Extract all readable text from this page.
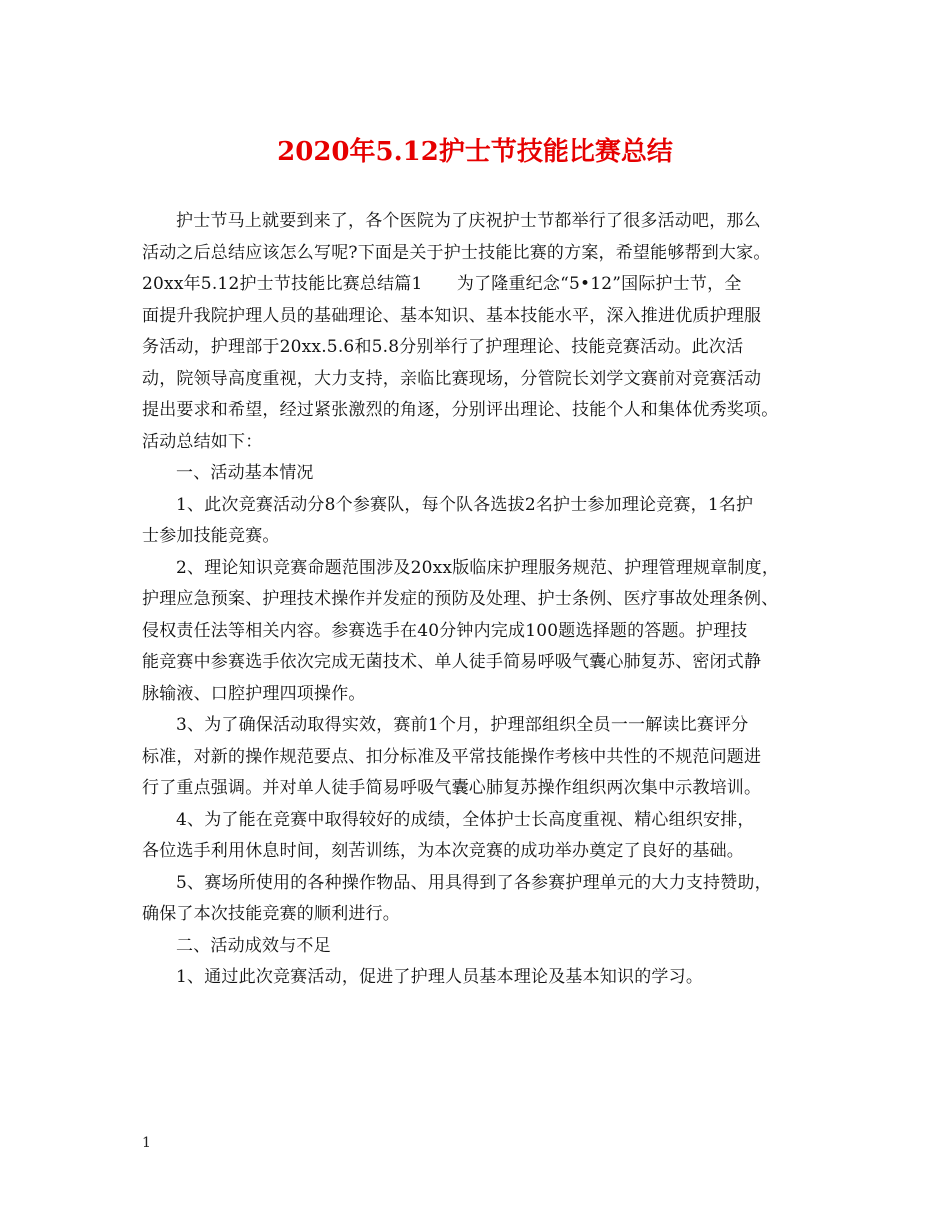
2020年5.12护士节技能比赛总结
护士节马上就要到来了，各个医院为了庆祝护士节都举行了很多活动吧，那么
活动之后总结应该怎么写呢?下面是关于护士技能比赛的方案，希望能够帮到大家。
20xx年5.12护士节技能比赛总结篇1　　为了隆重纪念“5•12”国际护士节，全
面提升我院护理人员的基础理论、基本知识、基本技能水平，深入推进优质护理服
务活动，护理部于20xx.5.6和5.8分别举行了护理理论、技能竞赛活动。此次活
动，院领导高度重视，大力支持，亲临比赛现场，分管院长刘学文赛前对竞赛活动
提出要求和希望，经过紧张激烈的角逐，分别评出理论、技能个人和集体优秀奖项。
活动总结如下：
一、活动基本情况
1、此次竞赛活动分8个参赛队，每个队各选拔2名护士参加理论竞赛，1名护
士参加技能竞赛。
2、理论知识竞赛命题范围涉及20xx版临床护理服务规范、护理管理规章制度，
护理应急预案、护理技术操作并发症的预防及处理、护士条例、医疗事故处理条例、
侵权责任法等相关内容。参赛选手在40分钟内完成100题选择题的答题。护理技
能竞赛中参赛选手依次完成无菌技术、单人徒手简易呼吸气囊心肺复苏、密闭式静
脉输液、口腔护理四项操作。
3、为了确保活动取得实效，赛前1个月，护理部组织全员一一解读比赛评分
标准，对新的操作规范要点、扣分标准及平常技能操作考核中共性的不规范问题进
行了重点强调。并对单人徒手简易呼吸气囊心肺复苏操作组织两次集中示教培训。
4、为了能在竞赛中取得较好的成绩，全体护士长高度重视、精心组织安排，
各位选手利用休息时间，刻苦训练，为本次竞赛的成功举办奠定了良好的基础。
5、赛场所使用的各种操作物品、用具得到了各参赛护理单元的大力支持赞助，
确保了本次技能竞赛的顺利进行。
二、活动成效与不足
1、通过此次竞赛活动，促进了护理人员基本理论及基本知识的学习。
1
